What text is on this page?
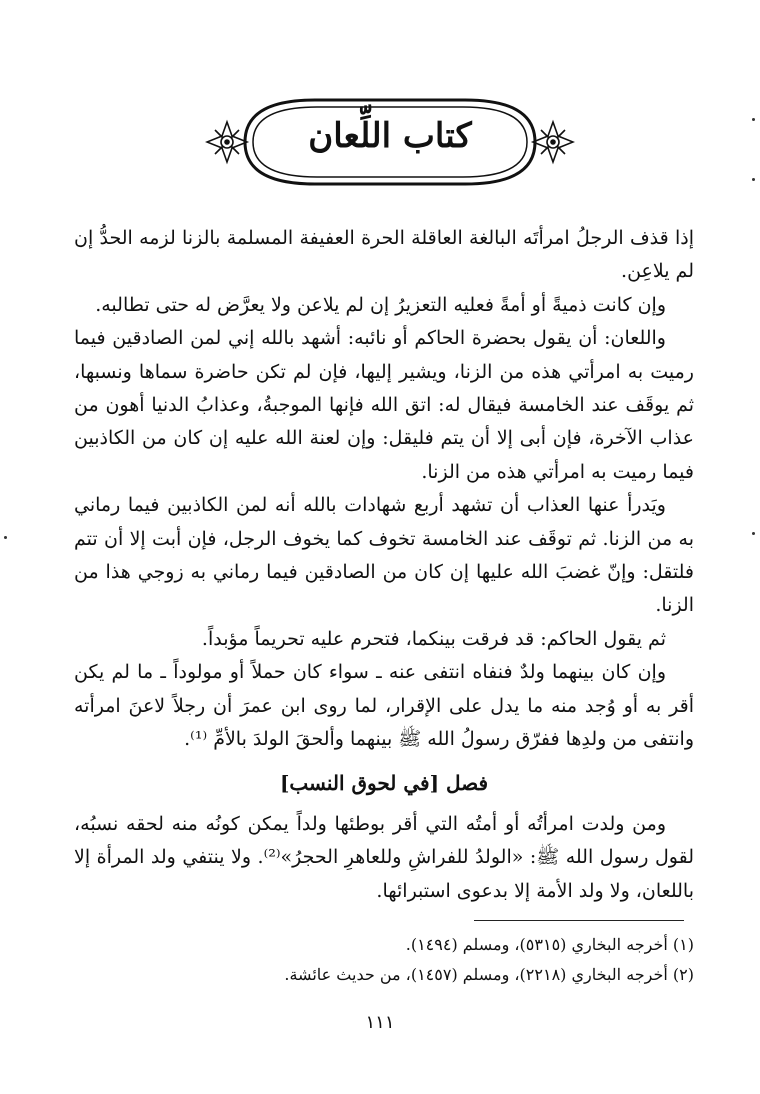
كتاب اللِّعان

إذا قذف الرجلُ امرأتَه البالغة العاقلة الحرة العفيفة المسلمة بالزنا لزمه الحدُّ إن لم يلاعِن.

وإن كانت ذميةً أو أمةً فعليه التعزيرُ إن لم يلاعن ولا يعرَّض له حتى تطالبه.

واللعان: أن يقول بحضرة الحاكم أو نائبه: أشهد بالله إني لمن الصادقين فيما رميت به امرأتي هذه من الزنا، ويشير إليها، فإن لم تكن حاضرة سماها ونسبها، ثم يوقَف عند الخامسة فيقال له: اتق الله فإنها الموجبةُ، وعذابُ الدنيا أهون من عذاب الآخرة، فإن أبى إلا أن يتم فليقل: وإن لعنة الله عليه إن كان من الكاذبين فيما رميت به امرأتي هذه من الزنا.

ويَدرأ عنها العذاب أن تشهد أربع شهادات بالله أنه لمن الكاذبين فيما رماني به من الزنا. ثم توقَف عند الخامسة تخوف كما يخوف الرجل، فإن أبت إلا أن تتم فلتقل: وإنّ غضبَ الله عليها إن كان من الصادقين فيما رماني به زوجي هذا من الزنا.

ثم يقول الحاكم: قد فرقت بينكما، فتحرم عليه تحريماً مؤبداً.

وإن كان بينهما ولدٌ فنفاه انتفى عنه ـ سواء كان حملاً أو مولوداً ـ ما لم يكن أقر به أو وُجد منه ما يدل على الإقرار، لما روى ابن عمرَ أن رجلاً لاعنَ امرأته وانتفى من ولدِها ففرّق رسولُ الله ﷺ بينهما وألحقَ الولدَ بالأمِّ ⁽¹⁾.

فصل [في لحوق النسب]

ومن ولدت امرأتُه أو أمتُه التي أقر بوطئها ولداً يمكن كونُه منه لحقه نسبُه، لقول رسول الله ﷺ: «الولدُ للفراشِ وللعاهرِ الحجرُ»⁽²⁾. ولا ينتفي ولد المرأة إلا باللعان، ولا ولد الأمة إلا بدعوى استبرائها.

(١) أخرجه البخاري (٥٣١٥)، ومسلم (١٤٩٤).

(٢) أخرجه البخاري (٢٢١٨)، ومسلم (١٤٥٧)، من حديث عائشة.

١١١
